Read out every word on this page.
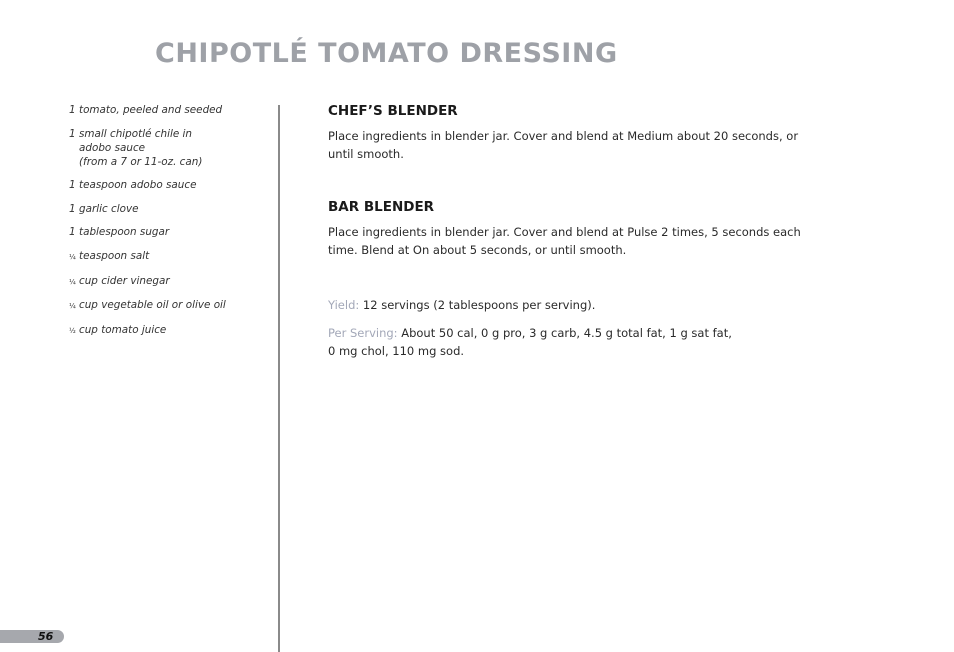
CHIPOTLÉ TOMATO DRESSING
1 tomato, peeled and seeded
1 small chipotlé chile in
adobo sauce
(from a 7 or 11-oz. can)
1 teaspoon adobo sauce
1 garlic clove
1 tablespoon sugar
¼ teaspoon salt
¼ cup cider vinegar
¼ cup vegetable oil or olive oil
½ cup tomato juice
CHEF’S BLENDER

Place ingredients in blender jar. Cover and blend at Medium about 20 seconds, or until smooth.

BAR BLENDER

Place ingredients in blender jar. Cover and blend at Pulse 2 times, 5 seconds each time. Blend at On about 5 seconds, or until smooth.

Yield: 12 servings (2 tablespoons per serving).

Per Serving: About 50 cal, 0 g pro, 3 g carb, 4.5 g total fat, 1 g sat fat, 0 mg chol, 110 mg sod.

56
